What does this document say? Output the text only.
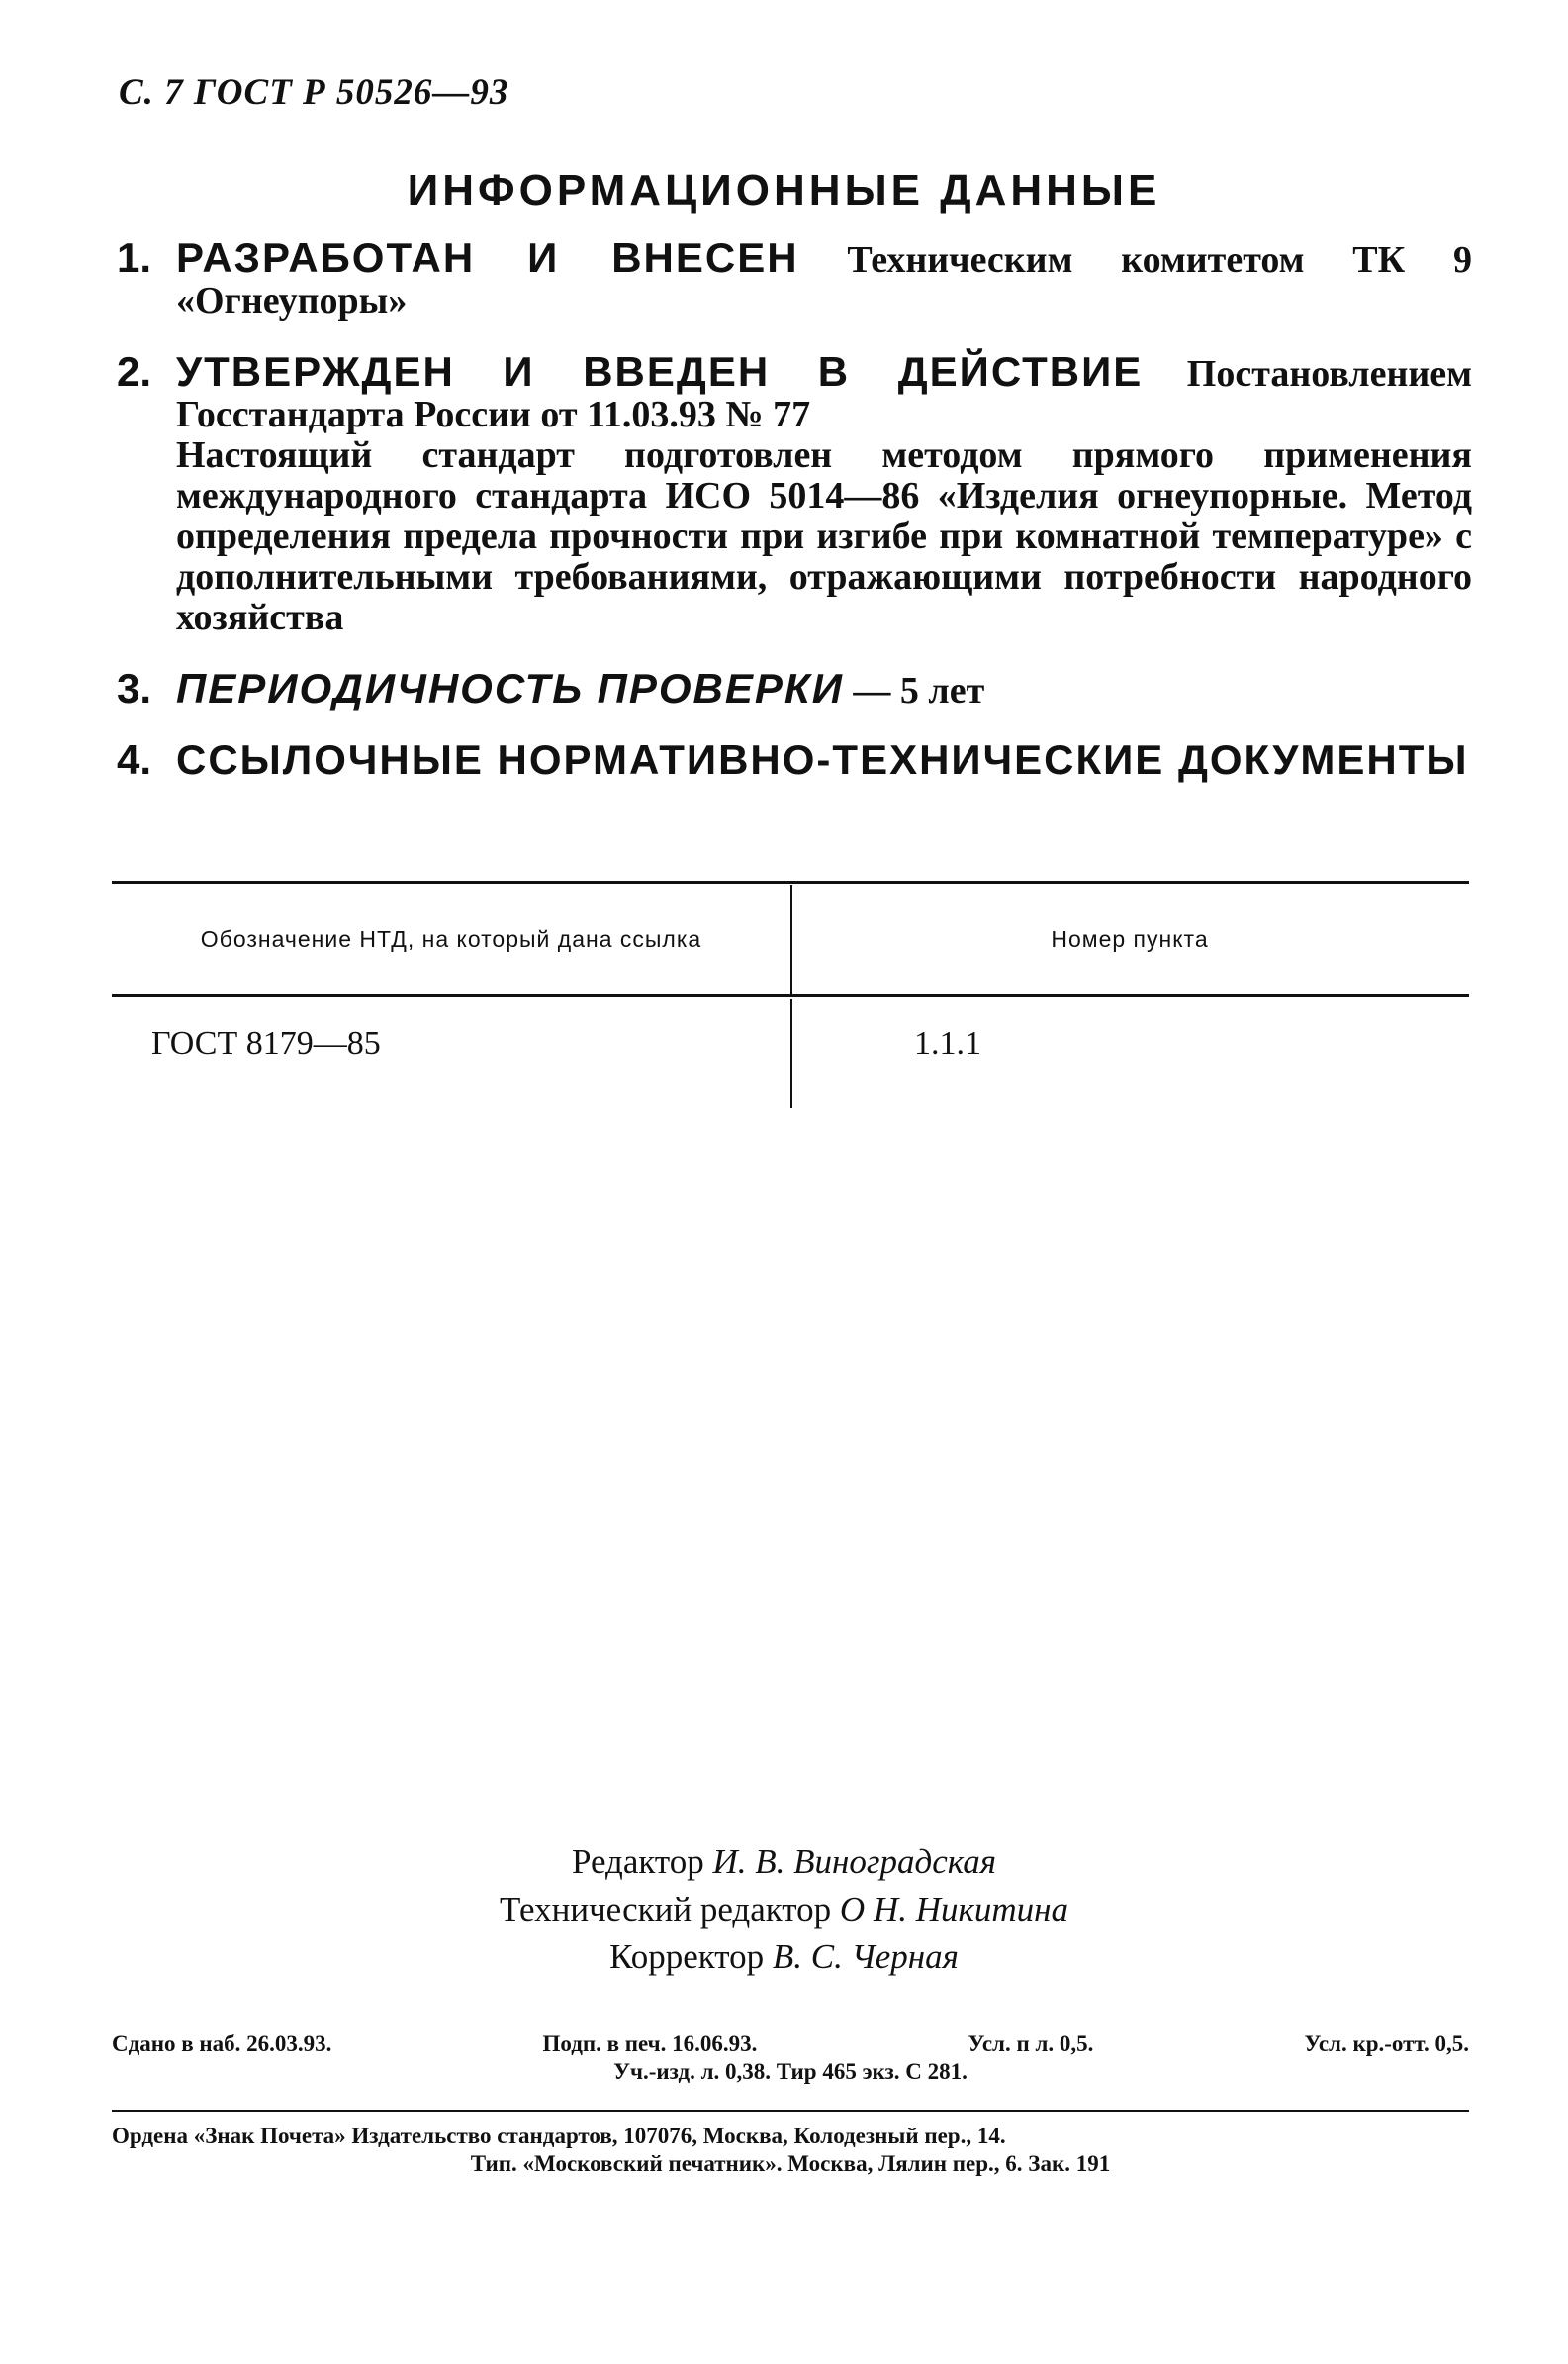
С. 7 ГОСТ Р 50526—93
ИНФОРМАЦИОННЫЕ ДАННЫЕ
1. РАЗРАБОТАН И ВНЕСЕН Техническим комитетом ТК 9 «Огнеупоры»
2. УТВЕРЖДЕН И ВВЕДЕН В ДЕЙСТВИЕ Постановлением Госстандарта России от 11.03.93 № 77
Настоящий стандарт подготовлен методом прямого применения международного стандарта ИСО 5014—86 «Изделия огнеупорные. Метод определения предела прочности при изгибе при комнатной температуре» с дополнительными требованиями, отражающими потребности народного хозяйства
3. ПЕРИОДИЧНОСТЬ ПРОВЕРКИ — 5 лет
4. ССЫЛОЧНЫЕ НОРМАТИВНО-ТЕХНИЧЕСКИЕ ДОКУМЕНТЫ
Обозначение НТД, на который дана ссылка	Номер пункта
ГОСТ 8179—85	1.1.1
Редактор И. В. Виноградская
Технический редактор О Н. Никитина
Корректор В. С. Черная
Сдано в наб. 26.03.93.	Подп. в печ. 16.06.93.	Усл. п л. 0,5.	Усл. кр.-отт. 0,5.
Уч.-изд. л. 0,38. Тир 465 экз. С 281.
Ордена «Знак Почета» Издательство стандартов, 107076, Москва, Колодезный пер., 14.
Тип. «Московский печатник». Москва, Лялин пер., 6. Зак. 191
